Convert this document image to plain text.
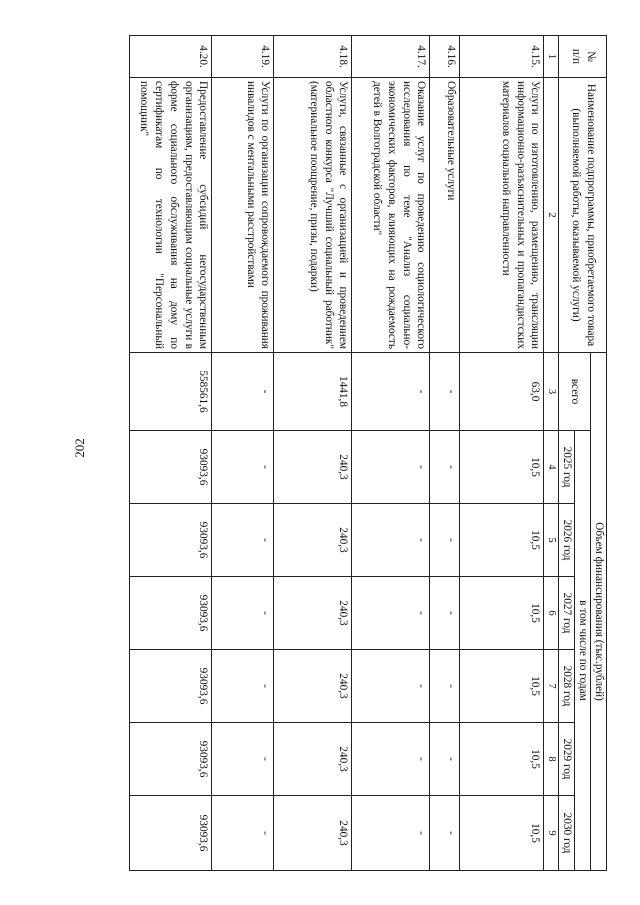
202
№
п/п	Наименование подпрограммы, приобретаемого товара (выполняемой работы, оказываемой услуги)	Объем финансирования (тыс.рублей)						
		всего	в том числе по годам					
			2025 год	2026 год	2027 год	2028 год	2029 год	2030 год
1	2	3	4	5	6	7	8	9
4.15.	Услуги по изготовлению, размещению, трансляции информационно-разъяснительных и пропагандистских материалов социальной направленности	63,0	10,5	10,5	10,5	10,5	10,5	10,5
4.16.	Образовательные услуги	-	-	-	-	-	-	-
4.17.	Оказание услуг по проведению социологического исследования по теме "Анализ социально-экономических факторов, влияющих на рождаемость детей в Волгоградской области"	-	-	-	-	-	-	-
4.18.	Услуги, связанные с организацией и проведением областного конкурса "Лучший социальный работник" (материальное поощрение, призы, подарки)	1441,8	240,3	240,3	240,3	240,3	240,3	240,3
4.19.	Услуги по организации сопровождаемого проживания инвалидов с ментальными расстройствами	-	-	-	-	-	-	-
4.20.	Предоставление субсидий негосударственным организациям, предоставляющим социальные услуги в форме социального обслуживания на дому по сертификатам по технологии "Персональный помощник"	558561,6	93093,6	93093,6	93093,6	93093,6	93093,6	93093,6
